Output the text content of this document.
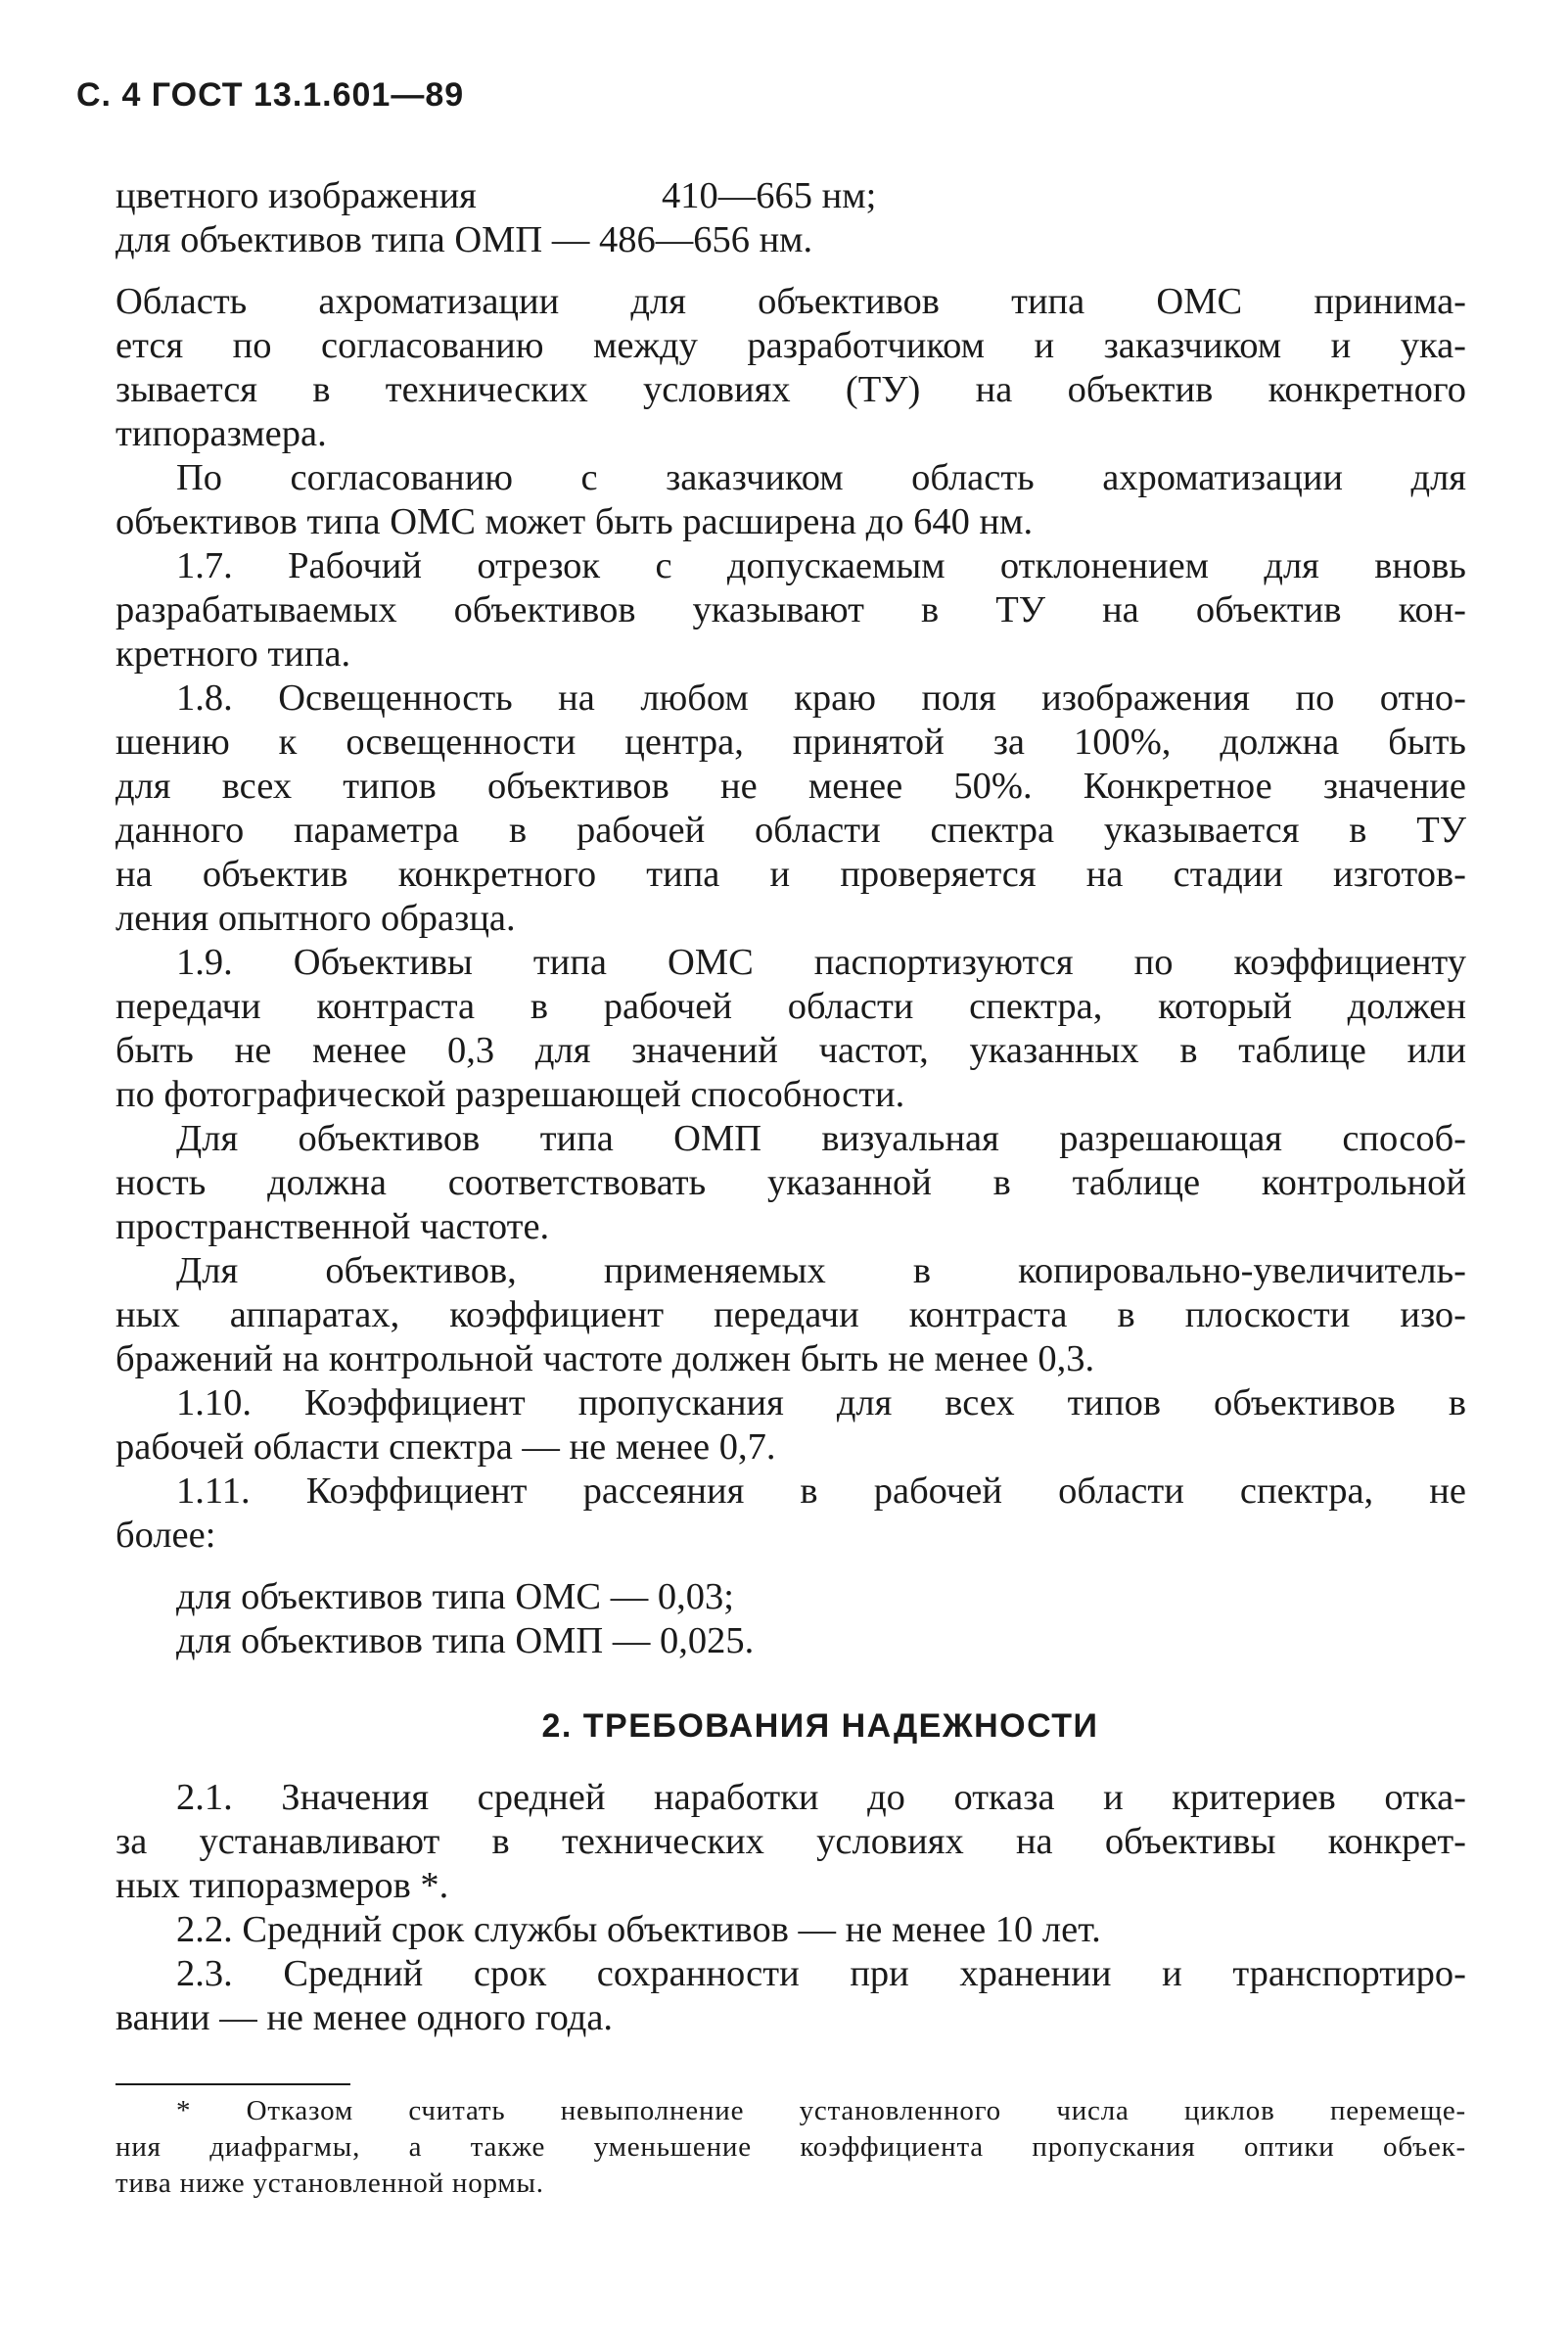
С. 4 ГОСТ 13.1.601—89
цветного изображения	410—665 нм;
для объективов типа ОМП — 486—656 нм.
Область ахроматизации для объективов типа ОМС принима-
ется по согласованию между разработчиком и заказчиком и ука-
зывается в технических условиях (ТУ) на объектив конкретного
типоразмера.
По согласованию с заказчиком область ахроматизации для
объективов типа ОМС может быть расширена до 640 нм.
1.7. Рабочий отрезок с допускаемым отклонением для вновь
разрабатываемых объективов указывают в ТУ на объектив кон-
кретного типа.
1.8. Освещенность на любом краю поля изображения по отно-
шению к освещенности центра, принятой за 100%, должна быть
для всех типов объективов не менее 50%. Конкретное значение
данного параметра в рабочей области спектра указывается в ТУ
на объектив конкретного типа и проверяется на стадии изготов-
ления опытного образца.
1.9. Объективы типа ОМС паспортизуются по коэффициенту
передачи контраста в рабочей области спектра, который должен
быть не менее 0,3 для значений частот, указанных в таблице или
по фотографической разрешающей способности.
Для объективов типа ОМП визуальная разрешающая способ-
ность должна соответствовать указанной в таблице контрольной
пространственной частоте.
Для объективов, применяемых в копировально-увеличитель-
ных аппаратах, коэффициент передачи контраста в плоскости изо-
бражений на контрольной частоте должен быть не менее 0,3.
1.10. Коэффициент пропускания для всех типов объективов в
рабочей области спектра — не менее 0,7.
1.11. Коэффициент рассеяния в рабочей области спектра, не
более:
для объективов типа ОМС — 0,03;
для объективов типа ОМП — 0,025.
2. ТРЕБОВАНИЯ НАДЕЖНОСТИ
2.1. Значения средней наработки до отказа и критериев отка-
за устанавливают в технических условиях на объективы конкрет-
ных типоразмеров *.
2.2. Средний срок службы объективов — не менее 10 лет.
2.3. Средний срок сохранности при хранении и транспортиро-
вании — не менее одного года.
* Отказом считать невыполнение установленного числа циклов перемеще-
ния диафрагмы, а также уменьшение коэффициента пропускания оптики объек-
тива ниже установленной нормы.
